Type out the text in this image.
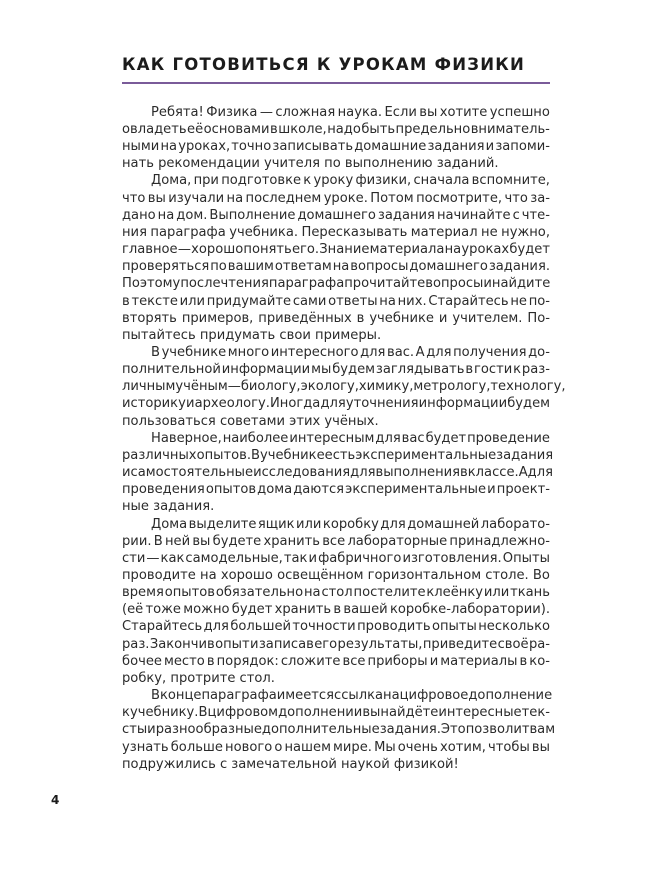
КАК ГОТОВИТЬСЯ К УРОКАМ ФИЗИКИ
Ребята! Физика — сложная наука. Если вы хотите успешно
овладеть её основами в школе, надо быть предельно вниматель-
ными на уроках, точно записывать домашние задания и запоми-
нать рекомендации учителя по выполнению заданий.
Дома, при подготовке к уроку физики, сначала вспомните,
что вы изучали на последнем уроке. Потом посмотрите, что за-
дано на дом. Выполнение домашнего задания начинайте с чте-
ния параграфа учебника. Пересказывать материал не нужно,
главное — хорошо понять его. Знание материала на уроках будет
проверяться по вашим ответам на вопросы домашнего задания.
Поэтому после чтения параграфа прочитайте вопросы и найдите
в тексте или придумайте сами ответы на них. Старайтесь не по-
вторять примеров, приведённых в учебнике и учителем. По-
пытайтесь придумать свои примеры.
В учебнике много интересного для вас. А для получения до-
полнительной информации мы будем заглядывать в гости к раз-
личным учёным — биологу, экологу, химику, метрологу, технологу,
историку и археологу. Иногда для уточнения информации будем
пользоваться советами этих учёных.
Наверное, наиболее интересным для вас будет проведение
различных опытов. В учебнике есть экспериментальные задания
и самостоятельные исследования для выполнения в классе. А для
проведения опытов дома даются экспериментальные и проект-
ные задания.
Дома выделите ящик или коробку для домашней лаборато-
рии. В ней вы будете хранить все лабораторные принадлежно-
сти — как самодельные, так и фабричного изготовления. Опыты
проводите на хорошо освещённом горизонтальном столе. Во
время опытов обязательно на стол постелите клеёнку или ткань
(её тоже можно будет хранить в вашей коробке-лаборатории).
Старайтесь для большей точности проводить опыты несколько
раз. Закончив опыт и записав его результаты, приведите своё ра-
бочее место в порядок: сложите все приборы и материалы в ко-
робку, протрите стол.
В конце параграфа имеется ссылка на цифровое дополнение
к учебнику. В цифровом дополнении вы найдёте интересные тек-
сты и разнообразные дополнительные задания. Это позволит вам
узнать больше нового о нашем мире. Мы очень хотим, чтобы вы
подружились с замечательной наукой физикой!
4
